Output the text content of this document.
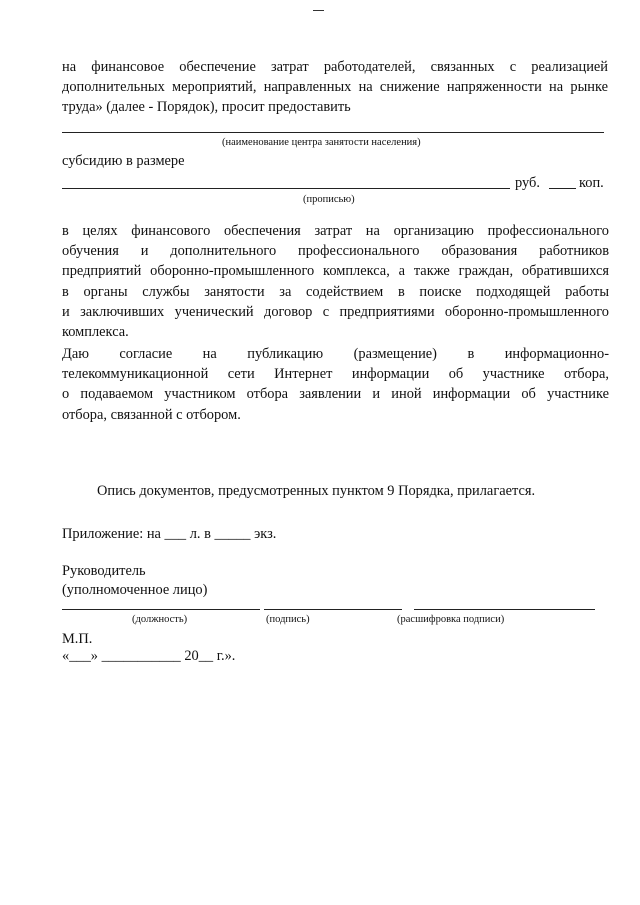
на финансовое обеспечение затрат работодателей, связанных с реализацией
дополнительных мероприятий, направленных на снижение напряженности на рынке
труда» (далее - Порядок), просит предоставить
(наименование центра занятости населения)
субсидию в размере
руб.	коп.
(прописью)
в целях финансового обеспечения затрат на организацию профессионального
обучения и дополнительного профессионального образования работников
предприятий оборонно-промышленного комплекса, а также граждан, обратившихся
в органы службы занятости за содействием в поиске подходящей работы
и заключивших ученический договор с предприятиями оборонно-промышленного
комплекса.
Даю согласие на публикацию (размещение) в информационно-
телекоммуникационной сети Интернет информации об участнике отбора,
о подаваемом участником отбора заявлении и иной информации об участнике
отбора, связанной с отбором.
Опись документов, предусмотренных пунктом 9 Порядка, прилагается.
Приложение: на ___ л. в _____ экз.
Руководитель
(уполномоченное лицо)
(должность)	(подпись)	(расшифровка подписи)
М.П.
«___» ___________ 20__ г.».
